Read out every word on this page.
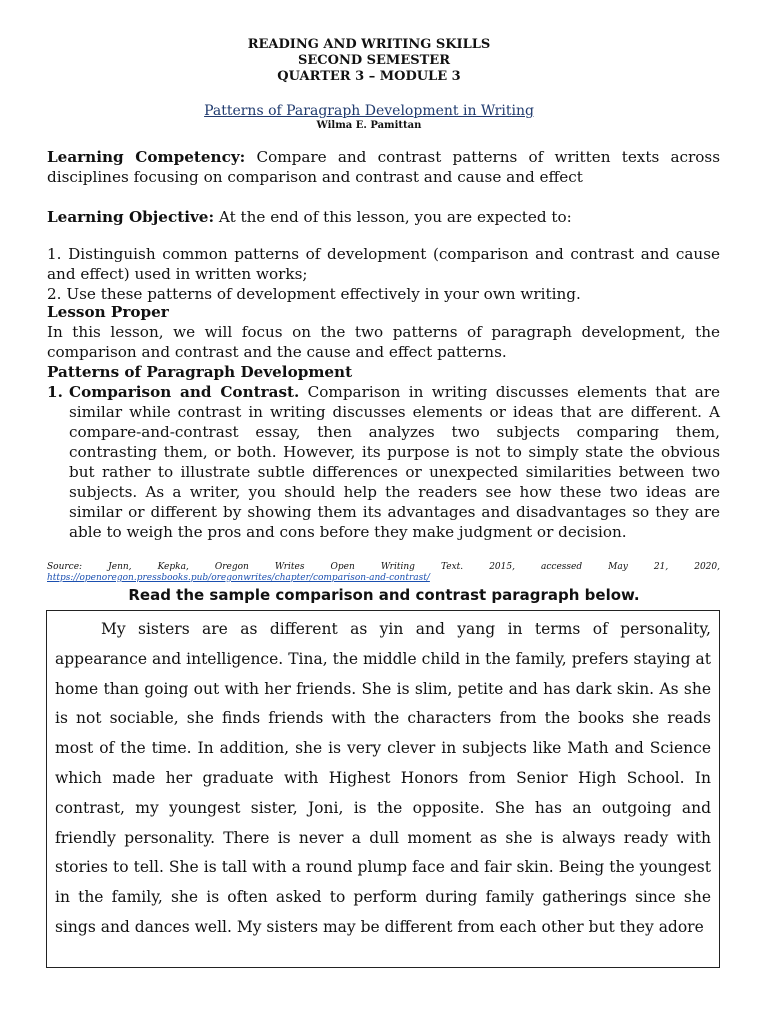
READING AND WRITING SKILLS
SECOND SEMESTER
QUARTER 3 – MODULE 3
Patterns of Paragraph Development in Writing
Wilma E. Pamittan
Learning Competency: Compare and contrast patterns of written texts across disciplines focusing on comparison and contrast and cause and effect
Learning Objective: At the end of this lesson, you are expected to:
1. Distinguish common patterns of development (comparison and contrast and cause and effect) used in written works;
2. Use these patterns of development effectively in your own writing.
Lesson Proper
In this lesson, we will focus on the two patterns of paragraph development, the comparison and contrast and the cause and effect patterns.
Patterns of Paragraph Development
1. Comparison and Contrast. Comparison in writing discusses elements that are similar while contrast in writing discusses elements or ideas that are different. A compare-and-contrast essay, then analyzes two subjects comparing them, contrasting them, or both. However, its purpose is not to simply state the obvious but rather to illustrate subtle differences or unexpected similarities between two subjects. As a writer, you should help the readers see how these two ideas are similar or different by showing them its advantages and disadvantages so they are able to weigh the pros and cons before they make judgment or decision.
Source: Jenn, Kepka, Oregon Writes Open Writing Text. 2015, accessed May 21, 2020, https://openoregon.pressbooks.pub/oregonwrites/chapter/comparison-and-contrast/
Read the sample comparison and contrast paragraph below.

My sisters are as different as yin and yang in terms of personality, appearance and intelligence. Tina, the middle child in the family, prefers staying at home than going out with her friends. She is slim, petite and has dark skin. As she is not sociable, she finds friends with the characters from the books she reads most of the time. In addition, she is very clever in subjects like Math and Science which made her graduate with Highest Honors from Senior High School. In contrast, my youngest sister, Joni, is the opposite. She has an outgoing and friendly personality. There is never a dull moment as she is always ready with stories to tell. She is tall with a round plump face and fair skin. Being the youngest in the family, she is often asked to perform during family gatherings since she sings and dances well. My sisters may be different from each other but they adore
